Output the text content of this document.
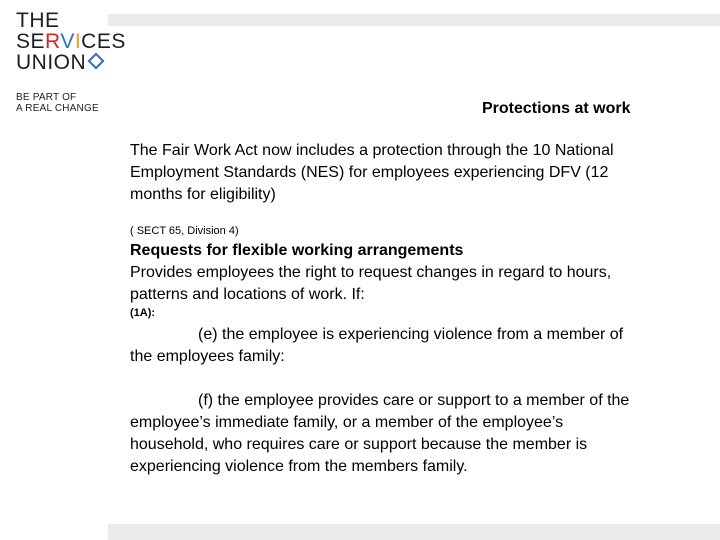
THE
SERVICES
UNION
BE PART OF
A REAL CHANGE	Protections at work

The Fair Work Act now includes a protection through the 10 National Employment Standards (NES) for employees experiencing DFV (12 months for eligibility)

( SECT 65, Division 4)

Requests for flexible working arrangements

Provides employees the right to request changes in regard to hours, patterns and locations of work. If:

(1A):

(e) the employee is experiencing violence from a member of the employees family:

(f) the employee provides care or support to a member of the employee’s immediate family, or a member of the employee’s household, who requires care or support because the member is experiencing violence from the members family.
